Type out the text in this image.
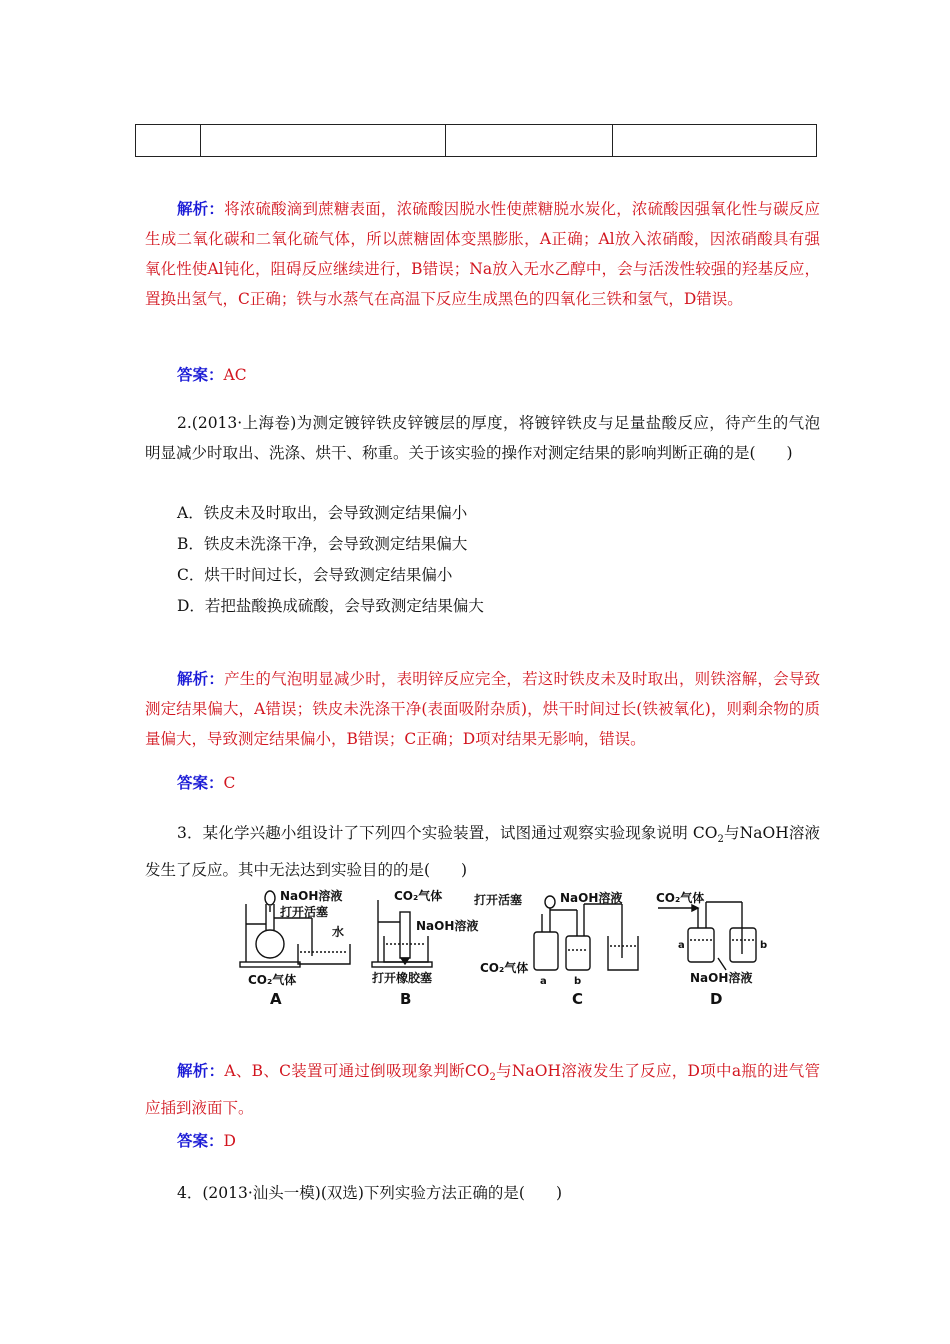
解析：将浓硫酸滴到蔗糖表面，浓硫酸因脱水性使蔗糖脱水炭化，浓硫酸因强氧化性与碳反应生成二氧化碳和二氧化硫气体，所以蔗糖固体变黑膨胀，A正确；Al放入浓硝酸，因浓硝酸具有强氧化性使Al钝化，阻碍反应继续进行，B错误；Na放入无水乙醇中，会与活泼性较强的羟基反应，置换出氢气，C正确；铁与水蒸气在高温下反应生成黑色的四氧化三铁和氢气，D错误。
答案：AC
2.(2013·上海卷)为测定镀锌铁皮锌镀层的厚度，将镀锌铁皮与足量盐酸反应，待产生的气泡明显减少时取出、洗涤、烘干、称重。关于该实验的操作对测定结果的影响判断正确的是(　　)
A．铁皮未及时取出，会导致测定结果偏小
B．铁皮未洗涤干净，会导致测定结果偏大
C．烘干时间过长，会导致测定结果偏小
D．若把盐酸换成硫酸，会导致测定结果偏大
解析：产生的气泡明显减少时，表明锌反应完全，若这时铁皮未及时取出，则铁溶解，会导致测定结果偏大，A错误；铁皮未洗涤干净(表面吸附杂质)，烘干时间过长(铁被氧化)，则剩余物的质量偏大，导致测定结果偏小，B错误；C正确；D项对结果无影响，错误。
答案：C
3．某化学兴趣小组设计了下列四个实验装置，试图通过观察实验现象说明 $CO_2$与NaOH溶液发生了反应。其中无法达到实验目的的是(　　)
NaOH溶液
打开活塞
水
CO₂气体
A
CO₂气体
NaOH溶液
打开橡胶塞
B
打开活塞	NaOH溶液
CO₂气体
a	b
C
CO₂气体
a	b
NaOH溶液
D
解析：A、B、C装置可通过倒吸现象判断$CO_2$与NaOH溶液发生了反应，D项中a瓶的进气管应插到液面下。
答案：D
4．(2013·汕头一模)(双选)下列实验方法正确的是(　　)
